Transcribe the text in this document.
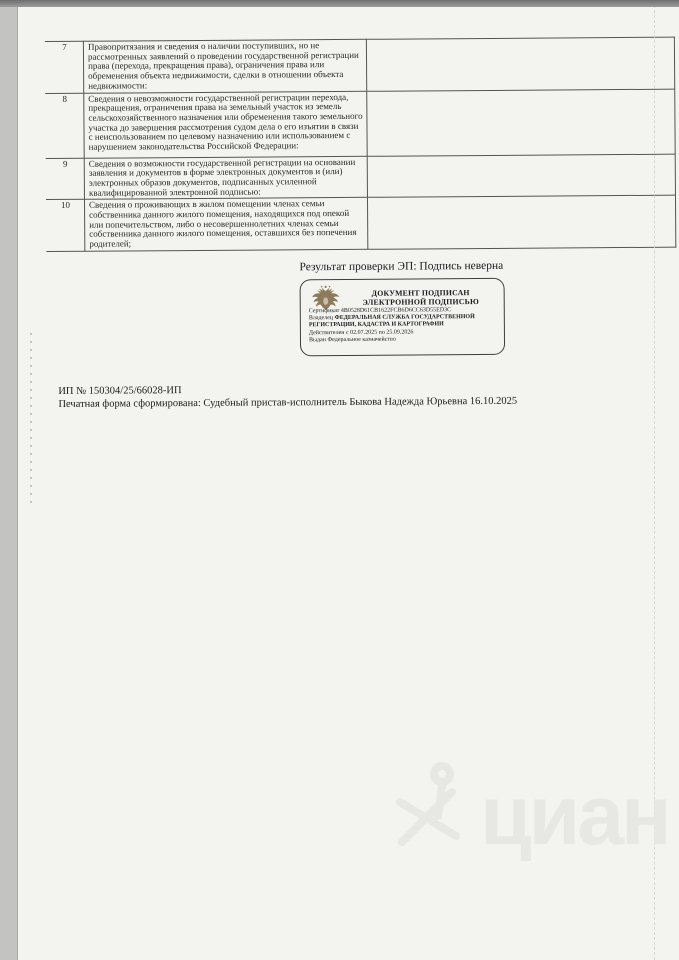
7	Правопритязания и сведения о наличии поступивших, но не рассмотренных заявлений о проведении государственной регистрации права (перехода, прекращения права), ограничения права или обременения объекта недвижимости, сделки в отношении объекта недвижимости:	
8	Сведения о невозможности государственной регистрации перехода, прекращения, ограничения права на земельный участок из земель сельскохозяйственного назначения или обременения такого земельного участка до завершения рассмотрения судом дела о его изъятии в связи с неиспользованием по целевому назначению или использованием с нарушением законодательства Российской Федерации:	
9	Сведения о возможности государственной регистрации на основании заявления и документов в форме электронных документов и (или) электронных образов документов, подписанных усиленной квалифицированной электронной подписью:	
10	Сведения о проживающих в жилом помещении членах семьи собственника данного жилого помещения, находящихся под опекой или попечительством, либо о несовершеннолетних членах семьи собственника данного жилого помещения, оставшихся без попечения родителей;	
Результат проверки ЭП: Подпись неверна
ДОКУМЕНТ ПОДПИСАН
ЭЛЕКТРОННОЙ ПОДПИСЬЮ

Сертификат 4B0528D61CB1622FCB6D6CC63D55ED3C

Владелец ФЕДЕРАЛЬНАЯ СЛУЖБА ГОСУДАРСТВЕННОЙ РЕГИСТРАЦИИ, КАДАСТРА И КАРТОГРАФИИ

Действителен с 02.07.2025 по 25.09.2026

Выдан Федеральное казначейство

ИП № 150304/25/66028-ИП
Печатная форма сформирована: Судебный пристав-исполнитель Быкова Надежда Юрьевна 16.10.2025
циан
